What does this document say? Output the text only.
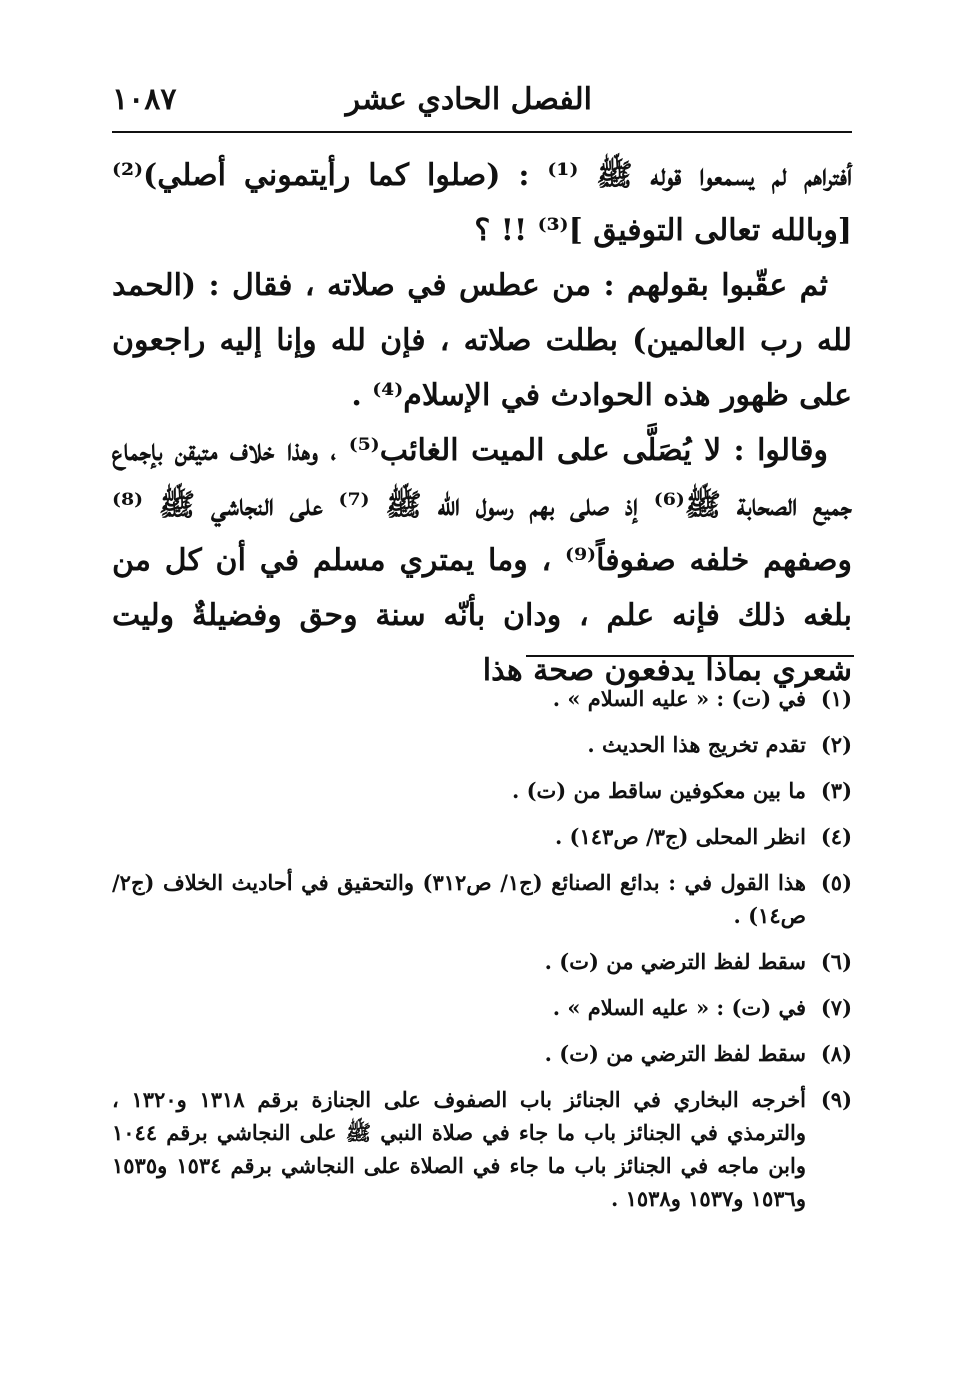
الفصل الحادي عشر
١٠٨٧

أفتراهم لم يسمعوا قوله ﷺ ⁽¹⁾ : (صلوا كما رأيتموني أصلي)⁽²⁾ [وبالله تعالى التوفيق ]⁽³⁾ !! ؟

ثم عقّبوا بقولهم : من عطس في صلاته ، فقال : (الحمد لله رب العالمين) بطلت صلاته ، فإن لله وإنا إليه راجعون على ظهور هذه الحوادث في الإسلام⁽⁴⁾ .

وقالوا : لا يُصَلَّى على الميت الغائب⁽⁵⁾ ، وهذا خلاف متيقن بإجماع جميع الصحابة ﷺ⁽⁶⁾ إذ صلى بهم رسول الله ﷺ ⁽⁷⁾ على النجاشي ﷺ ⁽⁸⁾ وصفهم خلفه صفوفاً⁽⁹⁾ ، وما يمتري مسلم في أن كل من بلغه ذلك فإنه علم ، ودان بأنّه سنة وحق وفضيلةٌ وليت شعري بماذا يدفعون صحة هذا

(١)
في (ت) : « عليه السلام » .
(٢)
تقدم تخريج هذا الحديث .
(٣)
ما بين معكوفين ساقط من (ت) .
(٤)
انظر المحلى (ج٣/ ص١٤٣) .
(٥)
هذا القول في : بدائع الصنائع (ج١/ ص٣١٢) والتحقيق في أحاديث الخلاف (ج٢/ ص١٤) .
(٦)
سقط لفظ الترضي من (ت) .
(٧)
في (ت) : « عليه السلام » .
(٨)
سقط لفظ الترضي من (ت) .
(٩)
أخرجه البخاري في الجنائز باب الصفوف على الجنازة برقم ١٣١٨ و١٣٢٠ ، والترمذي في الجنائز باب ما جاء في صلاة النبي ﷺ على النجاشي برقم ١٠٤٤ وابن ماجه في الجنائز باب ما جاء في الصلاة على النجاشي برقم ١٥٣٤ و١٥٣٥ و١٥٣٦ و١٥٣٧ و١٥٣٨ .
